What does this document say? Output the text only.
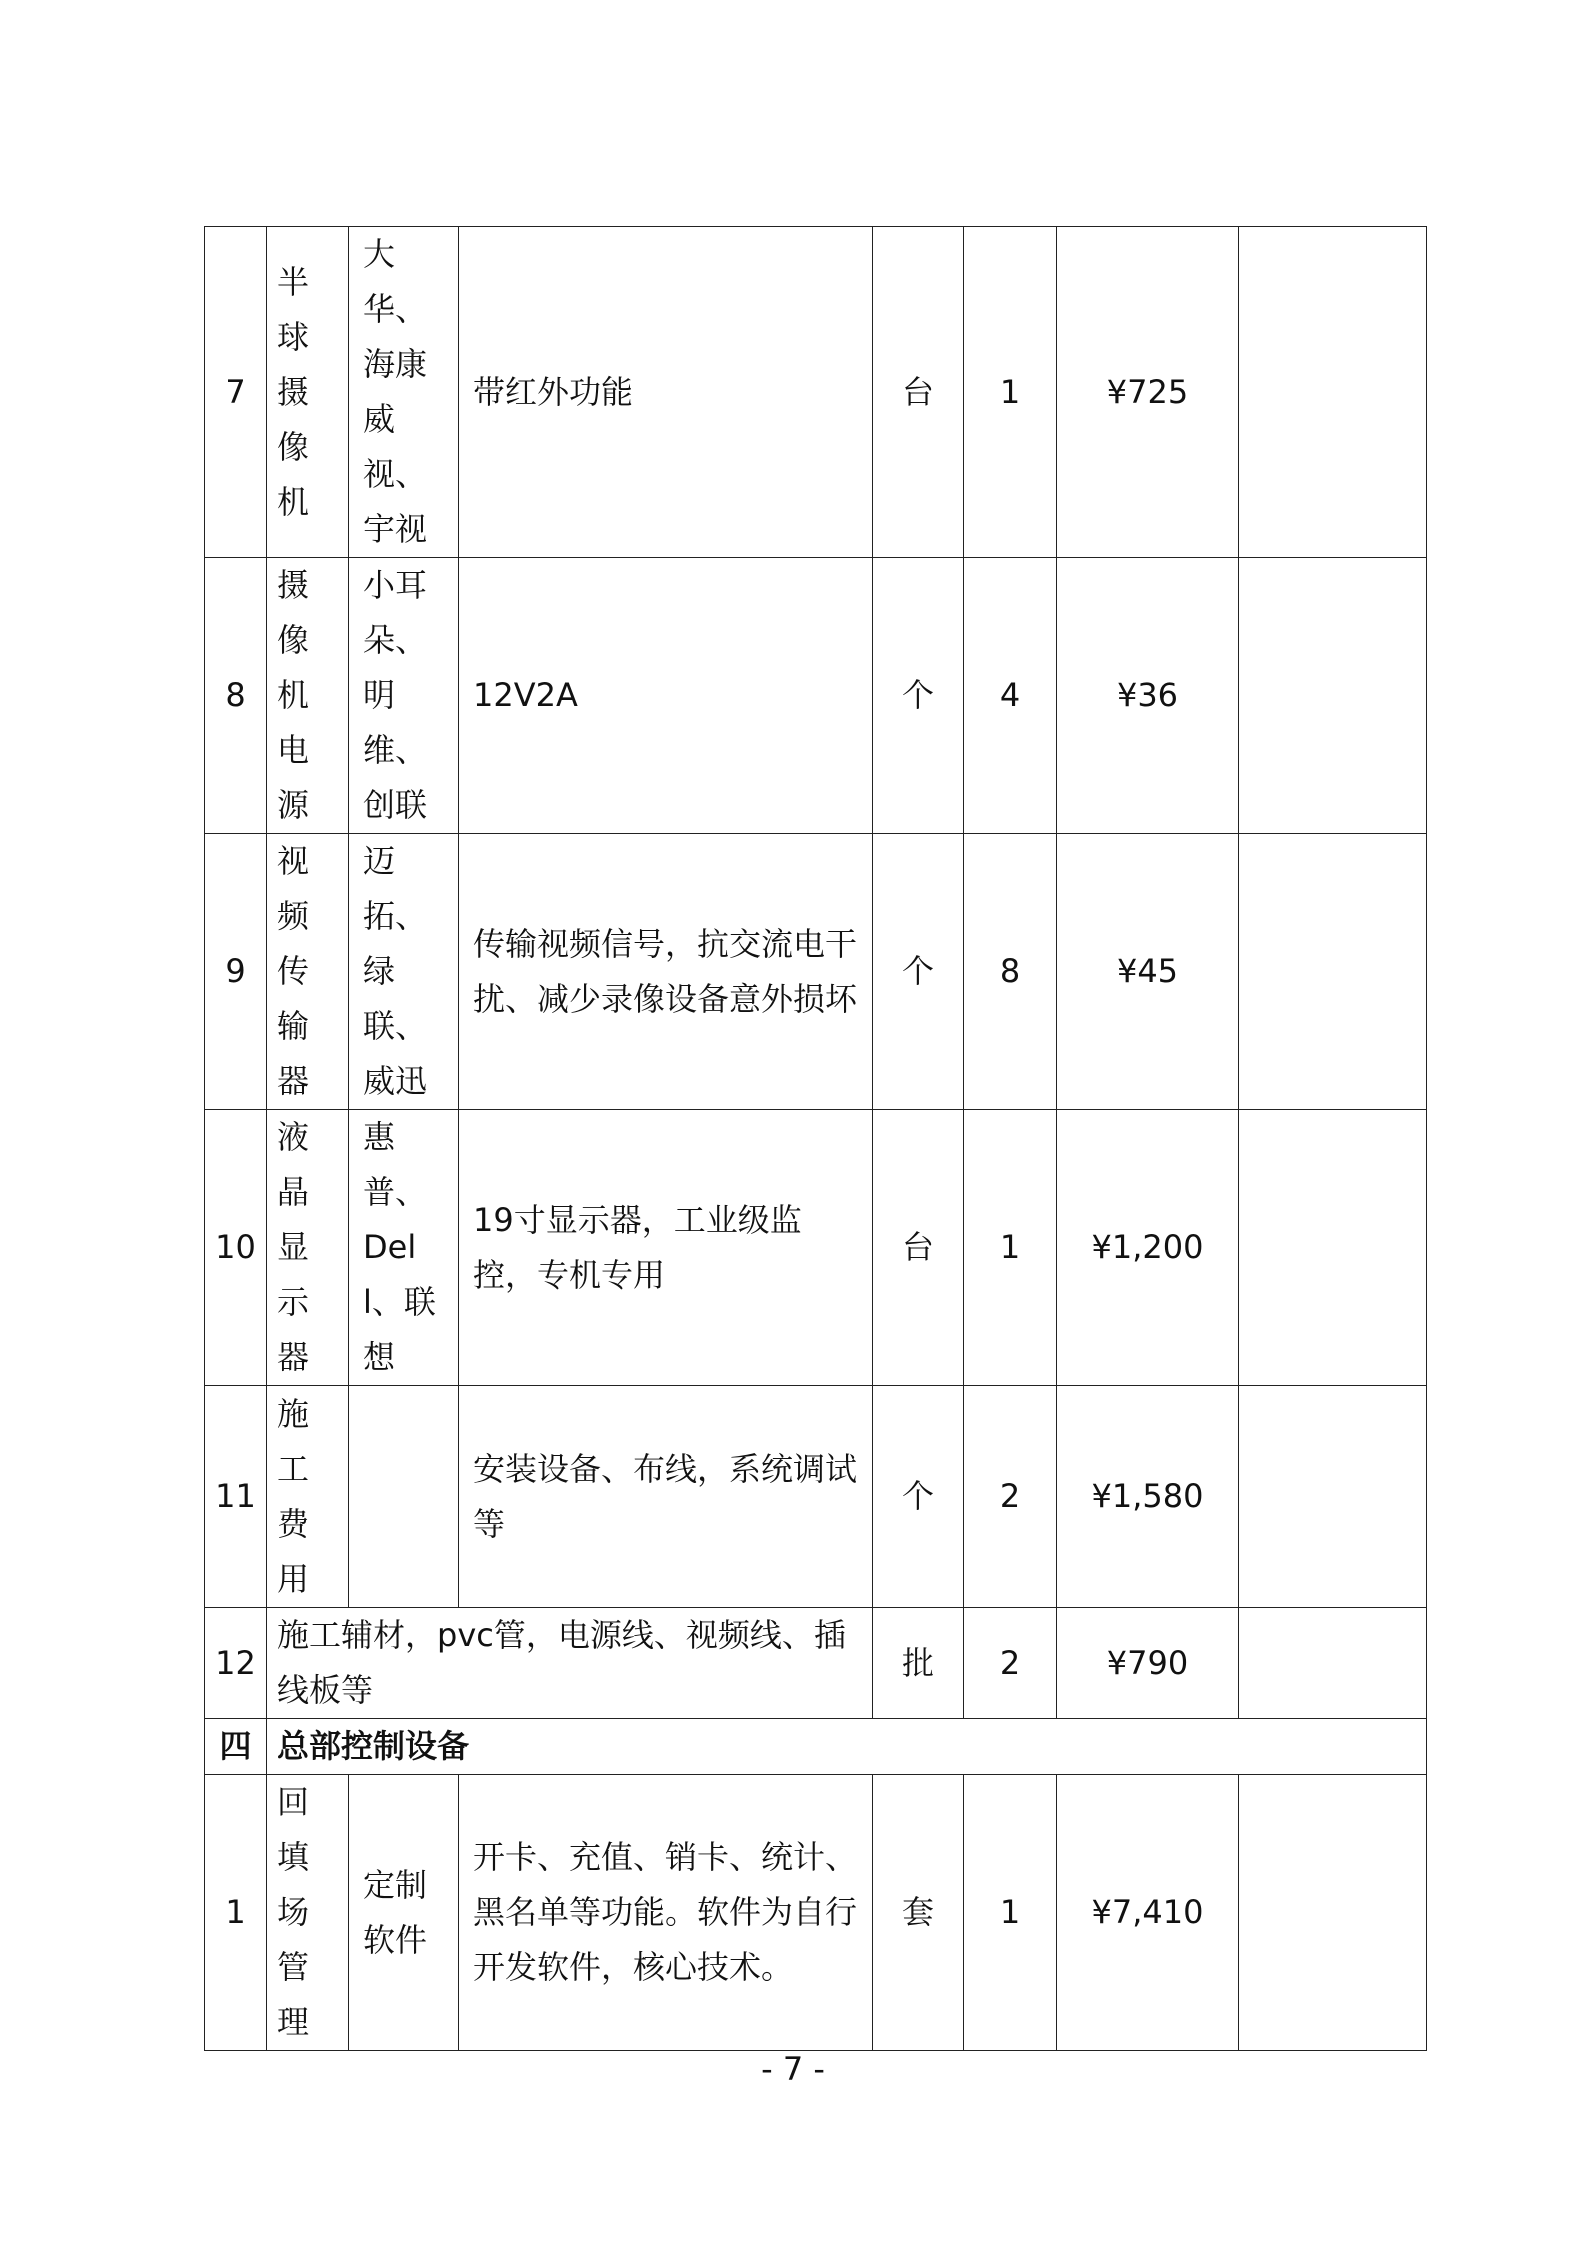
7	半球摄像机	大华、海康威视、宇视	带红外功能	台	1	¥725	
8	摄像机电源	小耳朵、明维、创联	12V2A	个	4	¥36	
9	视频传输器	迈拓、绿联、威迅	传输视频信号，抗交流电干扰、减少录像设备意外损坏	个	8	¥45	
10	液晶显示器	惠普、Dell、联想	19寸显示器，工业级监控，专机专用	台	1	¥1,200	
11	施工费用		安装设备、布线，系统调试等	个	2	¥1,580	
12	施工辅材，pvc管，电源线、视频线、插线板等			批	2	¥790	
四	总部控制设备						
1	回填场管理	定制软件	开卡、充值、销卡、统计、黑名单等功能。软件为自行开发软件，核心技术。	套	1	¥7,410	
- 7 -
